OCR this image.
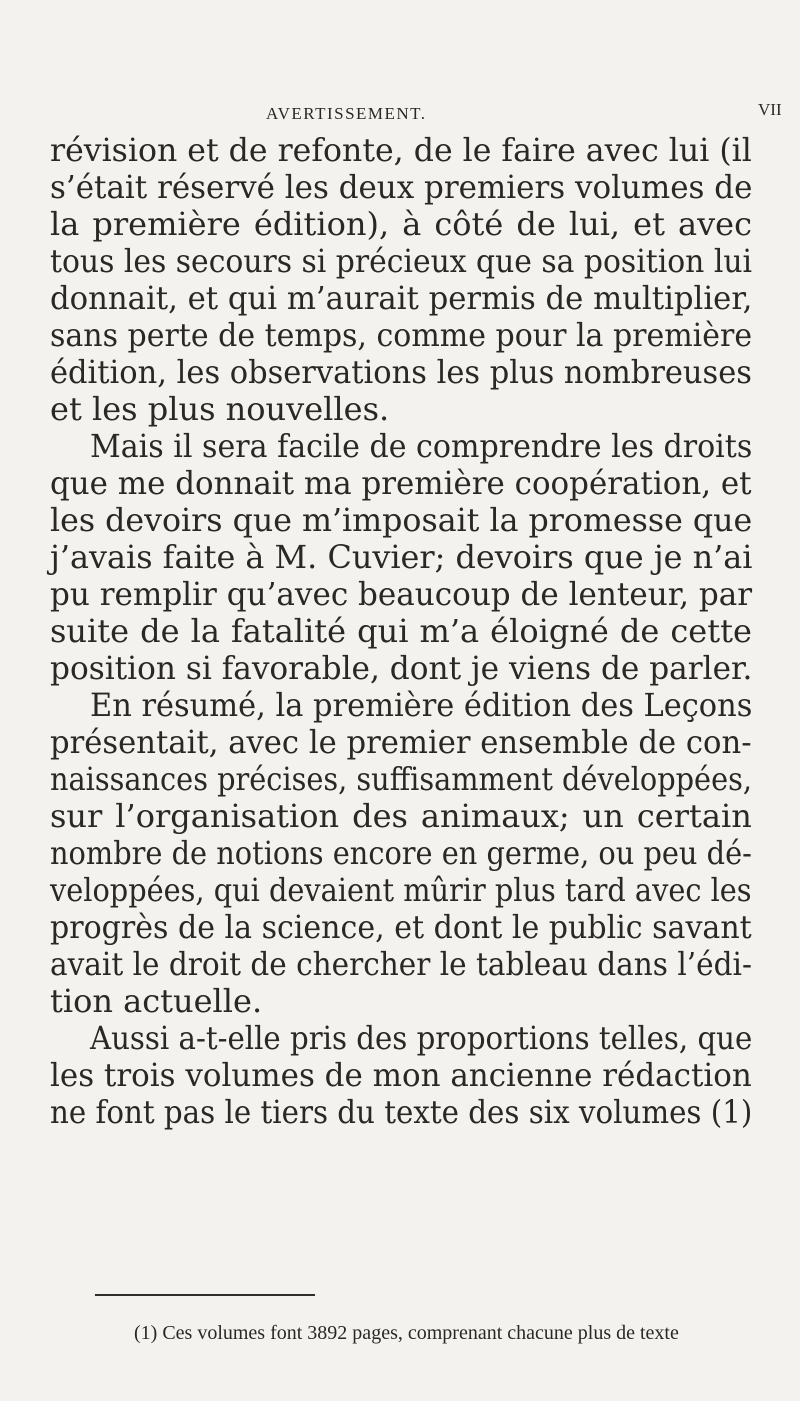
AVERTISSEMENT.	VII
révision et de refonte, de le faire avec lui (il
s’était réservé les deux premiers volumes de
la première édition), à côté de lui, et avec
tous les secours si précieux que sa position lui
donnait, et qui m’aurait permis de multiplier,
sans perte de temps, comme pour la première
édition, les observations les plus nombreuses
et les plus nouvelles.
Mais il sera facile de comprendre les droits
que me donnait ma première coopération, et
les devoirs que m’imposait la promesse que
j’avais faite à M. Cuvier; devoirs que je n’ai
pu remplir qu’avec beaucoup de lenteur, par
suite de la fatalité qui m’a éloigné de cette
position si favorable, dont je viens de parler.
En résumé, la première édition des Leçons
présentait, avec le premier ensemble de con-
naissances précises, suffisamment développées,
sur l’organisation des animaux; un certain
nombre de notions encore en germe, ou peu dé-
veloppées, qui devaient mûrir plus tard avec les
progrès de la science, et dont le public savant
avait le droit de chercher le tableau dans l’édi-
tion actuelle.
Aussi a-t-elle pris des proportions telles, que
les trois volumes de mon ancienne rédaction
ne font pas le tiers du texte des six volumes (1)
(1) Ces volumes font 3892 pages, comprenant chacune plus de texte
